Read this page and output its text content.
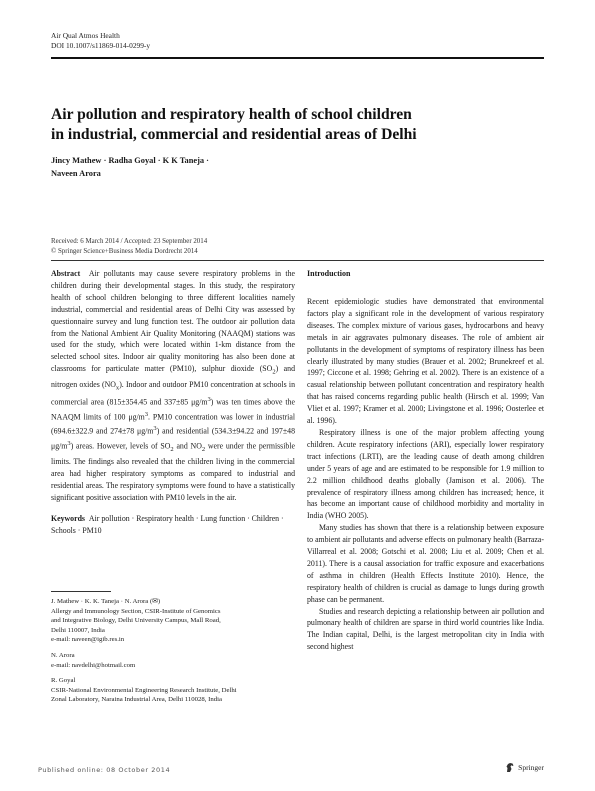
Air Qual Atmos Health
DOI 10.1007/s11869-014-0299-y
Air pollution and respiratory health of school children
in industrial, commercial and residential areas of Delhi
Jincy Mathew · Radha Goyal · K K Taneja ·
Naveen Arora
Received: 6 March 2014 / Accepted: 23 September 2014
© Springer Science+Business Media Dordrecht 2014
Abstract Air pollutants may cause severe respiratory problems in the children during their developmental stages. In this study, the respiratory health of school children belonging to three different localities namely industrial, commercial and residential areas of Delhi City was assessed by questionnaire survey and lung function test. The outdoor air pollution data from the National Ambient Air Quality Monitoring (NAAQM) stations was used for the study, which were located within 1-km distance from the selected school sites. Indoor air quality monitoring has also been done at classrooms for particulate matter (PM10), sulphur dioxide $(SO_2)$ and nitrogen oxides $(NO_x)$. Indoor and outdoor PM10 concentration at schools in commercial area (815±354.45 and 337±85 $\mu g/m^3$) was ten times above the NAAQM limits of 100 $\mu g/m^3$. PM10 concentration was lower in industrial (694.6±322.9 and 274±78 $\mu g/m^3$) and residential (534.3±94.22 and 197±48 $\mu g/m^3$) areas. However, levels of $SO_2$ and $NO_2$ were under the permissible limits. The findings also revealed that the children living in the commercial area had higher respiratory symptoms as compared to industrial and residential areas. The respiratory symptoms were found to have a statistically significant positive association with PM10 levels in the air.
Keywords Air pollution · Respiratory health · Lung function · Children · Schools · PM10
J. Mathew · K. K. Taneja · N. Arora (✉)
Allergy and Immunology Section, CSIR-Institute of Genomics
and Integrative Biology, Delhi University Campus, Mall Road,
Delhi 110007, India
e-mail: naveen@igib.res.in
N. Arora
e-mail: navdelhi@hotmail.com
R. Goyal
CSIR-National Environmental Engineering Research Institute, Delhi
Zonal Laboratory, Naraina Industrial Area, Delhi 110028, India
Introduction

Recent epidemiologic studies have demonstrated that environmental factors play a significant role in the development of various respiratory diseases. The complex mixture of various gases, hydrocarbons and heavy metals in air aggravates pulmonary diseases. The role of ambient air pollutants in the development of symptoms of respiratory illness has been clearly illustrated by many studies (Brauer et al. 2002; Brunekreef et al. 1997; Ciccone et al. 1998; Gehring et al. 2002). There is an existence of a casual relationship between pollutant concentration and respiratory health that has raised concerns regarding public health (Hirsch et al. 1999; Van Vliet et al. 1997; Kramer et al. 2000; Livingstone et al. 1996; Oosterlee et al. 1996).

Respiratory illness is one of the major problem affecting young children. Acute respiratory infections (ARI), especially lower respiratory tract infections (LRTI), are the leading cause of death among children under 5 years of age and are estimated to be responsible for 1.9 million to 2.2 million childhood deaths globally (Jamison et al. 2006). The prevalence of respiratory illness among children has increased; hence, it has become an important cause of childhood morbidity and mortality in India (WHO 2005).

Many studies has shown that there is a relationship between exposure to ambient air pollutants and adverse effects on pulmonary health (Barraza-Villarreal et al. 2008; Gotschi et al. 2008; Liu et al. 2009; Chen et al. 2011). There is a causal association for traffic exposure and exacerbations of asthma in children (Health Effects Institute 2010). Hence, the respiratory health of children is crucial as damage to lungs during growth phase can be permanent.

Studies and research depicting a relationship between air pollution and pulmonary health of children are sparse in third world countries like India. The Indian capital, Delhi, is the largest metropolitan city in India with second highest

Published online: 08 October 2014	Springer
